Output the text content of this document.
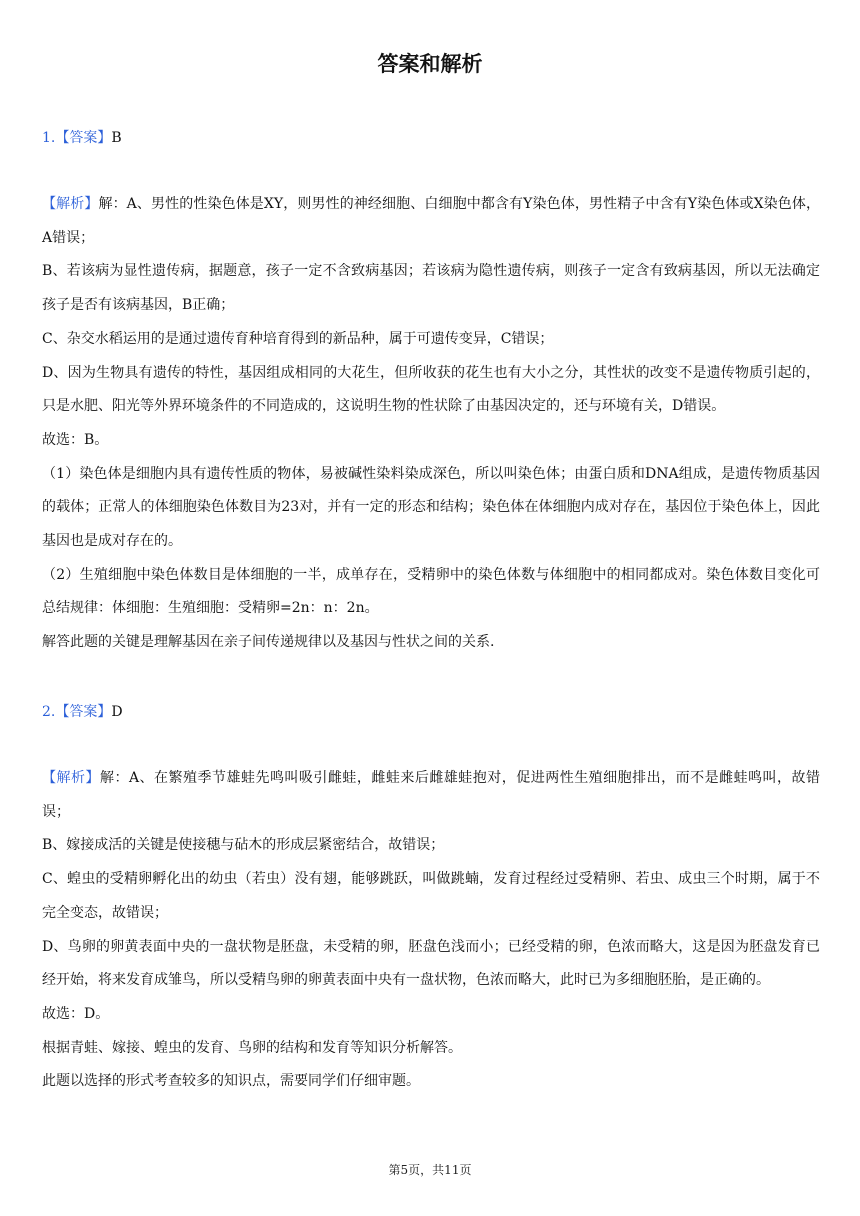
答案和解析
1.【答案】B

【解析】解：A、男性的性染色体是XY，则男性的神经细胞、白细胞中都含有Y染色体，男性精子中含有Y染色体或X染色体，A错误；

B、若该病为显性遗传病，据题意，孩子一定不含致病基因；若该病为隐性遗传病，则孩子一定含有致病基因，所以无法确定孩子是否有该病基因，B正确；

C、杂交水稻运用的是通过遗传育种培育得到的新品种，属于可遗传变异，C错误；

D、因为生物具有遗传的特性，基因组成相同的大花生，但所收获的花生也有大小之分，其性状的改变不是遗传物质引起的，只是水肥、阳光等外界环境条件的不同造成的，这说明生物的性状除了由基因决定的，还与环境有关，D错误。

故选：B。

（1）染色体是细胞内具有遗传性质的物体，易被碱性染料染成深色，所以叫染色体；由蛋白质和DNA组成，是遗传物质基因的载体；正常人的体细胞染色体数目为23对，并有一定的形态和结构；染色体在体细胞内成对存在，基因位于染色体上，因此基因也是成对存在的。

（2）生殖细胞中染色体数目是体细胞的一半，成单存在，受精卵中的染色体数与体细胞中的相同都成对。染色体数目变化可总结规律：体细胞：生殖细胞：受精卵=2n：n：2n。

解答此题的关键是理解基因在亲子间传递规律以及基因与性状之间的关系.

2.【答案】D

【解析】解：A、在繁殖季节雄蛙先鸣叫吸引雌蛙，雌蛙来后雌雄蛙抱对，促进两性生殖细胞排出，而不是雌蛙鸣叫，故错误；

B、嫁接成活的关键是使接穗与砧木的形成层紧密结合，故错误；

C、蝗虫的受精卵孵化出的幼虫（若虫）没有翅，能够跳跃，叫做跳蝻，发育过程经过受精卵、若虫、成虫三个时期，属于不完全变态，故错误；

D、鸟卵的卵黄表面中央的一盘状物是胚盘，未受精的卵，胚盘色浅而小；已经受精的卵，色浓而略大，这是因为胚盘发育已经开始，将来发育成雏鸟，所以受精鸟卵的卵黄表面中央有一盘状物，色浓而略大，此时已为多细胞胚胎，是正确的。

故选：D。

根据青蛙、嫁接、蝗虫的发育、鸟卵的结构和发育等知识分析解答。

此题以选择的形式考查较多的知识点，需要同学们仔细审题。

第5页，共11页
